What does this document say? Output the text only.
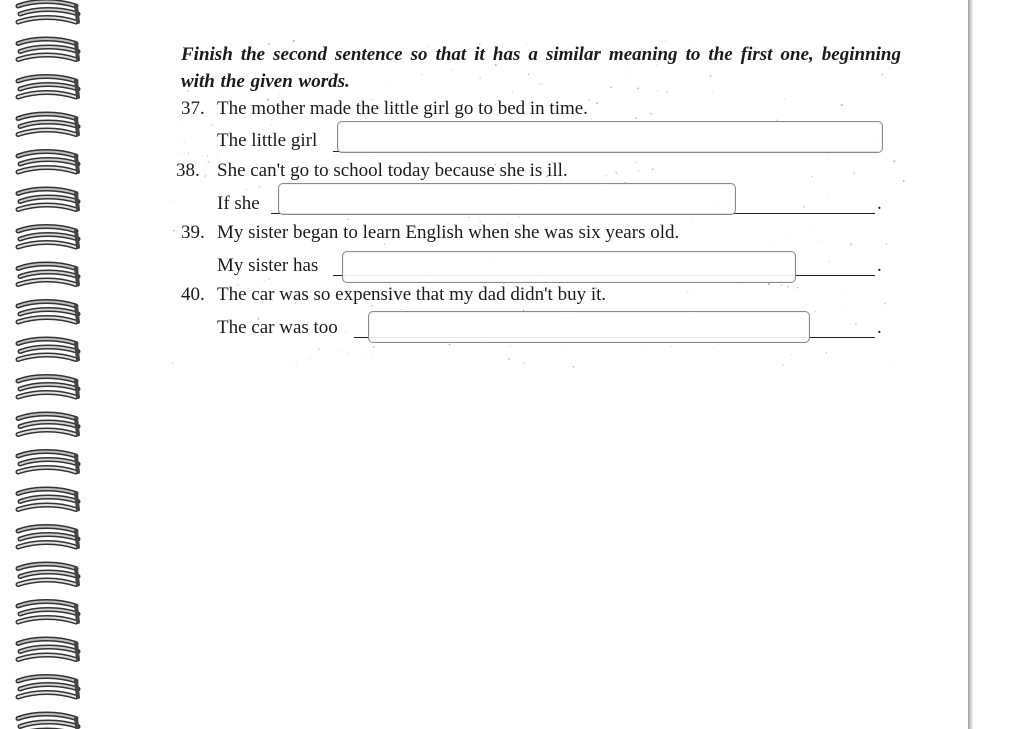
Finish the second sentence so that it has a similar meaning to the first one, beginning with the given words.

37. The mother made the little girl go to bed in time.
The little girl
38. She can't go to school today because she is ill.
If she	.
39. My sister began to learn English when she was six years old.
My sister has	.
40. The car was so expensive that my dad didn't buy it.
The car was too	.
